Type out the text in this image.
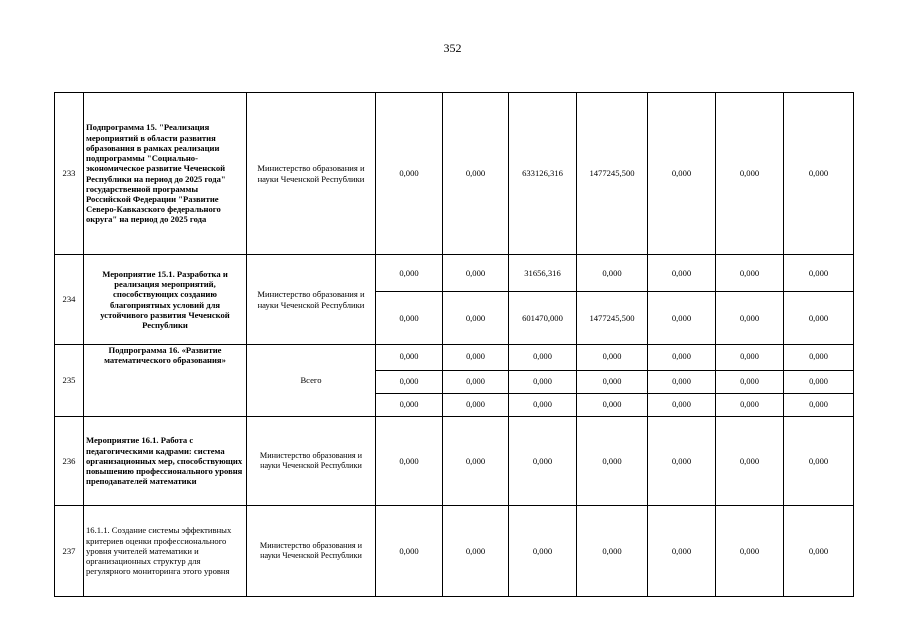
352
233	Подпрограмма 15. "Реализация мероприятий в области развития образования в рамках реализации подпрограммы "Социально-экономическое развитие Чеченской Республики на период до 2025 года" государственной программы Российской Федерации "Развитие Северо-Кавказского федерального округа" на период до 2025 года	Министерство образования и науки Чеченской Республики	0,000	0,000	633126,316	1477245,500	0,000	0,000	0,000
234	Мероприятие 15.1. Разработка и реализация мероприятий, способствующих созданию благоприятных условий для устойчивого развития Чеченской Республики	Министерство образования и науки Чеченской Республики	0,000	0,000	31656,316	0,000	0,000	0,000	0,000
			0,000	0,000	601470,000	1477245,500	0,000	0,000	0,000
235	Подпрограмма 16. «Развитие математического образования»	Всего	0,000	0,000	0,000	0,000	0,000	0,000	0,000
			0,000	0,000	0,000	0,000	0,000	0,000	0,000
			0,000	0,000	0,000	0,000	0,000	0,000	0,000
236	Мероприятие 16.1. Работа с педагогическими кадрами: система организационных мер, способствующих повышению профессионального уровня преподавателей математики	Министерство образования и науки Чеченской Республики	0,000	0,000	0,000	0,000	0,000	0,000	0,000
237	16.1.1. Создание системы эффективных критериев оценки профессионального уровня учителей математики и организационных структур для регулярного мониторинга этого уровня	Министерство образования и науки Чеченской Республики	0,000	0,000	0,000	0,000	0,000	0,000	0,000
